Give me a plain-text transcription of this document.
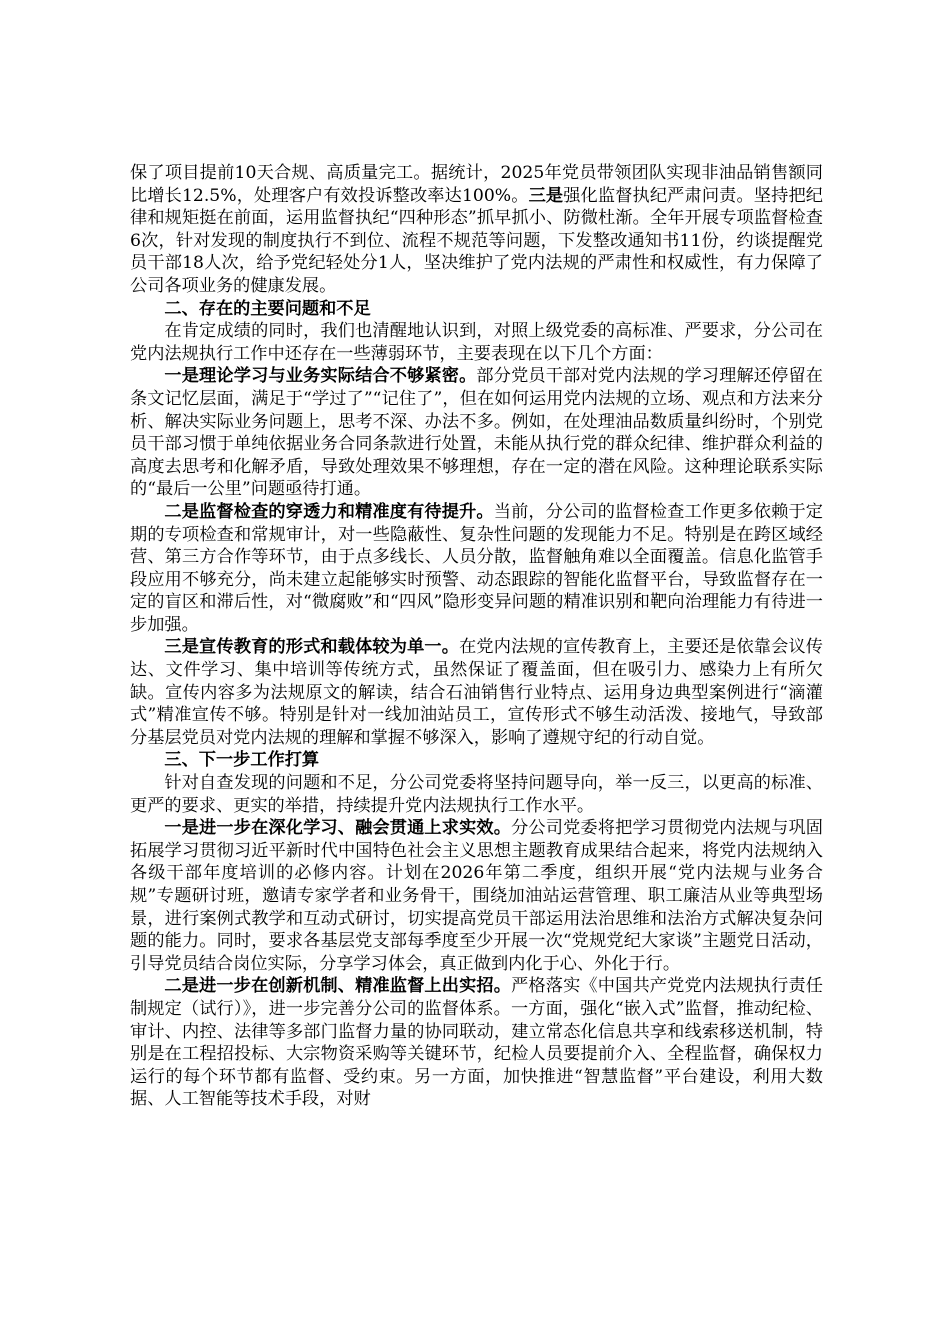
保了项目提前10天合规、高质量完工。据统计，2025年党员带领团队实现非油品销售额同比增长12.5%，处理客户有效投诉整改率达100%。三是强化监督执纪严肃问责。坚持把纪律和规矩挺在前面，运用监督执纪“四种形态”抓早抓小、防微杜渐。全年开展专项监督检查6次，针对发现的制度执行不到位、流程不规范等问题，下发整改通知书11份，约谈提醒党员干部18人次，给予党纪轻处分1人，坚决维护了党内法规的严肃性和权威性，有力保障了公司各项业务的健康发展。

二、存在的主要问题和不足

在肯定成绩的同时，我们也清醒地认识到，对照上级党委的高标准、严要求，分公司在党内法规执行工作中还存在一些薄弱环节，主要表现在以下几个方面：

一是理论学习与业务实际结合不够紧密。部分党员干部对党内法规的学习理解还停留在条文记忆层面，满足于“学过了”“记住了”，但在如何运用党内法规的立场、观点和方法来分析、解决实际业务问题上，思考不深、办法不多。例如，在处理油品数质量纠纷时，个别党员干部习惯于单纯依据业务合同条款进行处置，未能从执行党的群众纪律、维护群众利益的高度去思考和化解矛盾，导致处理效果不够理想，存在一定的潜在风险。这种理论联系实际的“最后一公里”问题亟待打通。

二是监督检查的穿透力和精准度有待提升。当前，分公司的监督检查工作更多依赖于定期的专项检查和常规审计，对一些隐蔽性、复杂性问题的发现能力不足。特别是在跨区域经营、第三方合作等环节，由于点多线长、人员分散，监督触角难以全面覆盖。信息化监管手段应用不够充分，尚未建立起能够实时预警、动态跟踪的智能化监督平台，导致监督存在一定的盲区和滞后性，对“微腐败”和“四风”隐形变异问题的精准识别和靶向治理能力有待进一步加强。

三是宣传教育的形式和载体较为单一。在党内法规的宣传教育上，主要还是依靠会议传达、文件学习、集中培训等传统方式，虽然保证了覆盖面，但在吸引力、感染力上有所欠缺。宣传内容多为法规原文的解读，结合石油销售行业特点、运用身边典型案例进行“滴灌式”精准宣传不够。特别是针对一线加油站员工，宣传形式不够生动活泼、接地气，导致部分基层党员对党内法规的理解和掌握不够深入，影响了遵规守纪的行动自觉。

三、下一步工作打算

针对自查发现的问题和不足，分公司党委将坚持问题导向，举一反三，以更高的标准、更严的要求、更实的举措，持续提升党内法规执行工作水平。

一是进一步在深化学习、融会贯通上求实效。分公司党委将把学习贯彻党内法规与巩固拓展学习贯彻习近平新时代中国特色社会主义思想主题教育成果结合起来，将党内法规纳入各级干部年度培训的必修内容。计划在2026年第二季度，组织开展“党内法规与业务合规”专题研讨班，邀请专家学者和业务骨干，围绕加油站运营管理、职工廉洁从业等典型场景，进行案例式教学和互动式研讨，切实提高党员干部运用法治思维和法治方式解决复杂问题的能力。同时，要求各基层党支部每季度至少开展一次“党规党纪大家谈”主题党日活动，引导党员结合岗位实际，分享学习体会，真正做到内化于心、外化于行。

二是进一步在创新机制、精准监督上出实招。严格落实《中国共产党党内法规执行责任制规定（试行）》，进一步完善分公司的监督体系。一方面，强化“嵌入式”监督，推动纪检、审计、内控、法律等多部门监督力量的协同联动，建立常态化信息共享和线索移送机制，特别是在工程招投标、大宗物资采购等关键环节，纪检人员要提前介入、全程监督，确保权力运行的每个环节都有监督、受约束。另一方面，加快推进“智慧监督”平台建设，利用大数据、人工智能等技术手段，对财
